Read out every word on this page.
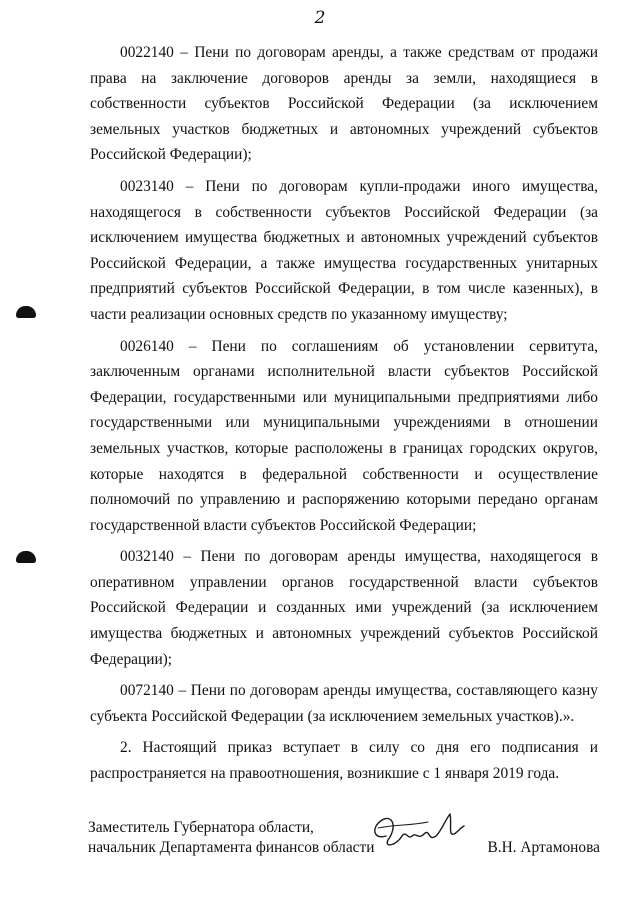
2

0022140 – Пени по договорам аренды, а также средствам от продажи права на заключение договоров аренды за земли, находящиеся в собственности субъектов Российской Федерации (за исключением земельных участков бюджетных и автономных учреждений субъектов Российской Федерации);

0023140 – Пени по договорам купли-продажи иного имущества, находящегося в собственности субъектов Российской Федерации (за исключением имущества бюджетных и автономных учреждений субъектов Российской Федерации, а также имущества государственных унитарных предприятий субъектов Российской Федерации, в том числе казенных), в части реализации основных средств по указанному имуществу;

0026140 – Пени по соглашениям об установлении сервитута, заключенным органами исполнительной власти субъектов Российской Федерации, государственными или муниципальными предприятиями либо государственными или муниципальными учреждениями в отношении земельных участков, которые расположены в границах городских округов, которые находятся в федеральной собственности и осуществление полномочий по управлению и распоряжению которыми передано органам государственной власти субъектов Российской Федерации;

0032140 – Пени по договорам аренды имущества, находящегося в оперативном управлении органов государственной власти субъектов Российской Федерации и созданных ими учреждений (за исключением имущества бюджетных и автономных учреждений субъектов Российской Федерации);

0072140 – Пени по договорам аренды имущества, составляющего казну субъекта Российской Федерации (за исключением земельных участков).».

2. Настоящий приказ вступает в силу со дня его подписания и распространяется на правоотношения, возникшие с 1 января 2019 года.

Заместитель Губернатора области,
начальник Департамента финансов области	В.Н. Артамонова
